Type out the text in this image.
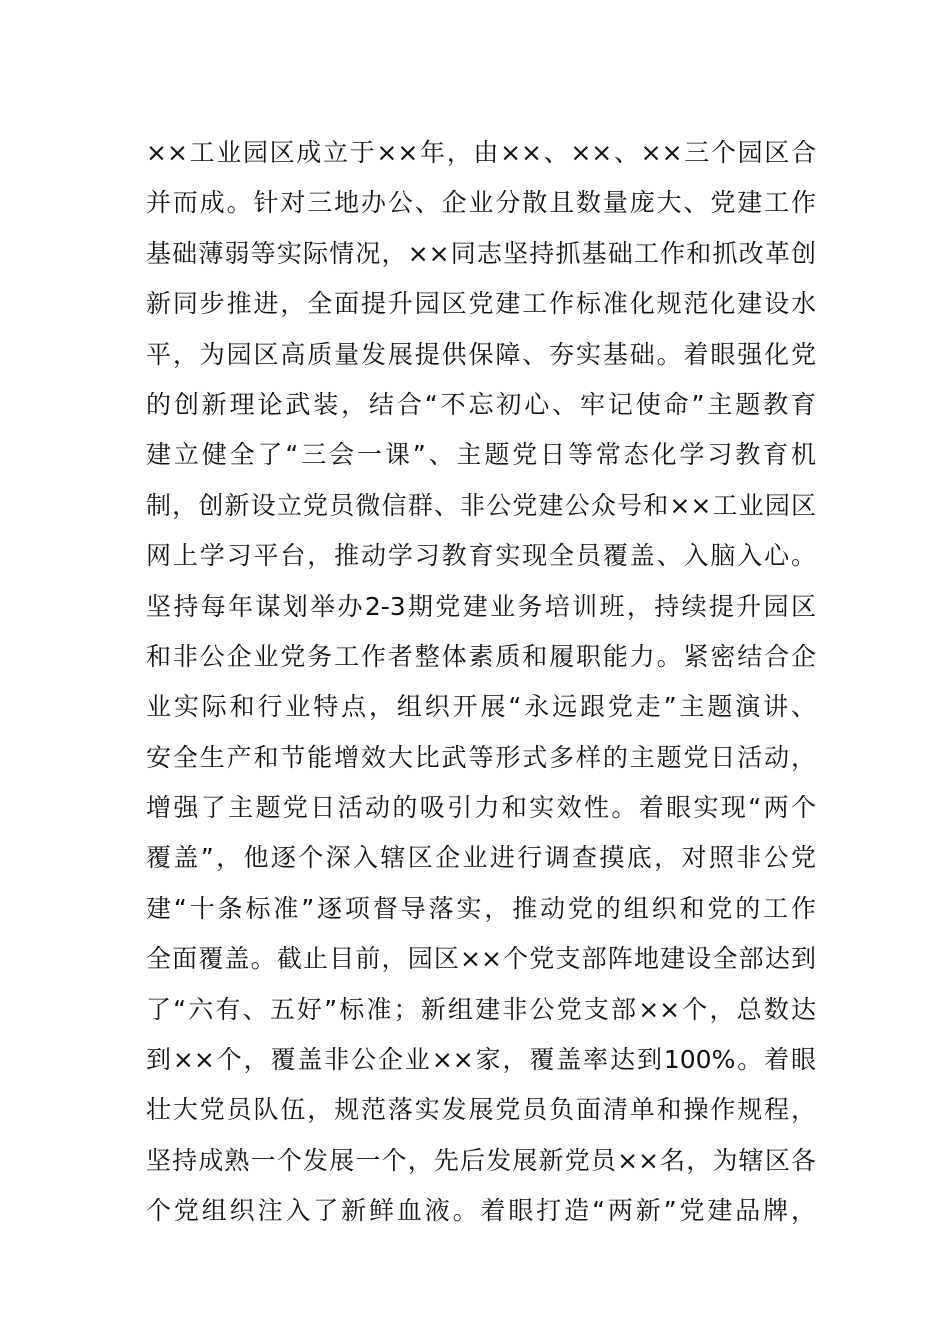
××工业园区成立于××年，由××、××、××三个园区合
并而成。针对三地办公、企业分散且数量庞大、党建工作
基础薄弱等实际情况，××同志坚持抓基础工作和抓改革创
新同步推进，全面提升园区党建工作标准化规范化建设水
平，为园区高质量发展提供保障、夯实基础。着眼强化党
的创新理论武装，结合“不忘初心、牢记使命”主题教育
建立健全了“三会一课”、主题党日等常态化学习教育机
制，创新设立党员微信群、非公党建公众号和××工业园区
网上学习平台，推动学习教育实现全员覆盖、入脑入心。
坚持每年谋划举办2-3期党建业务培训班，持续提升园区
和非公企业党务工作者整体素质和履职能力。紧密结合企
业实际和行业特点，组织开展“永远跟党走”主题演讲、
安全生产和节能增效大比武等形式多样的主题党日活动，
增强了主题党日活动的吸引力和实效性。着眼实现“两个
覆盖”，他逐个深入辖区企业进行调查摸底，对照非公党
建“十条标准”逐项督导落实，推动党的组织和党的工作
全面覆盖。截止目前，园区××个党支部阵地建设全部达到
了“六有、五好”标准；新组建非公党支部××个，总数达
到××个，覆盖非公企业××家，覆盖率达到100%。着眼
壮大党员队伍，规范落实发展党员负面清单和操作规程，
坚持成熟一个发展一个，先后发展新党员××名，为辖区各
个党组织注入了新鲜血液。着眼打造“两新”党建品牌，
